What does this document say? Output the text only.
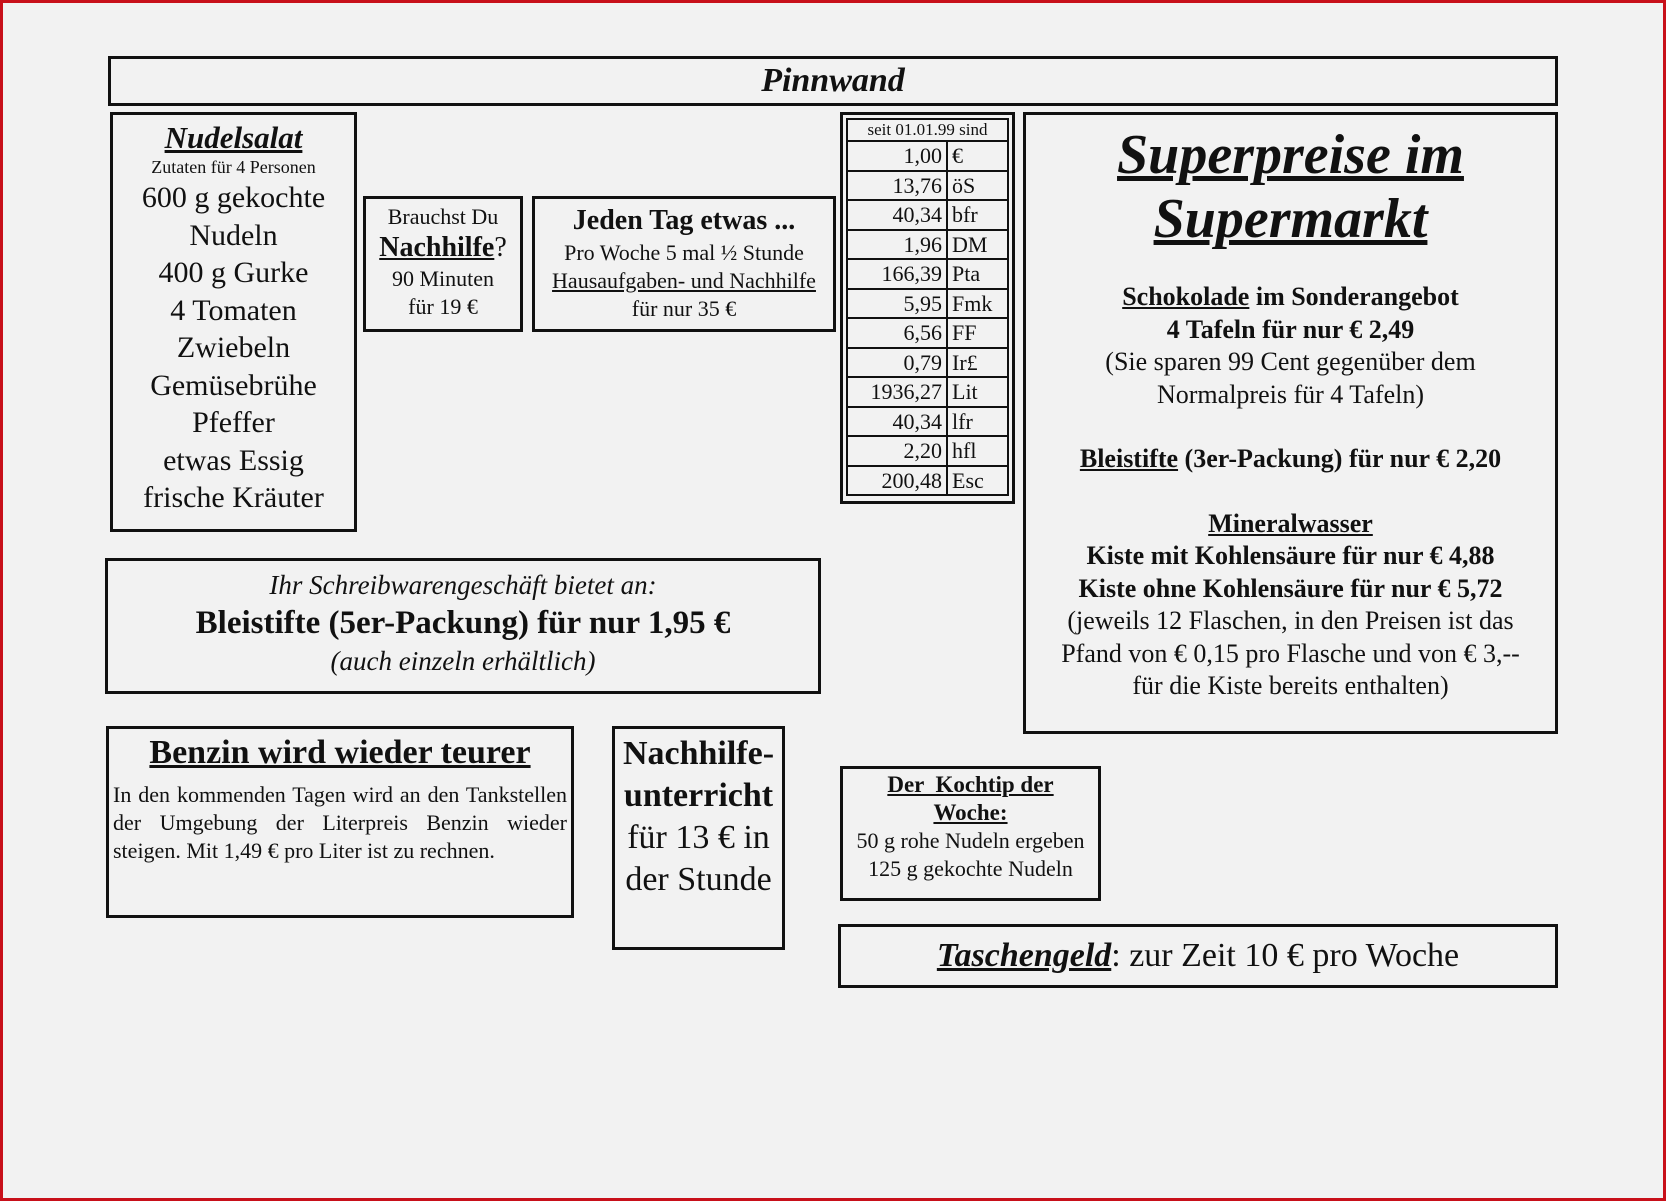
Pinnwand
Nudelsalat
Zutaten für 4 Personen
600 g gekochte
Nudeln
400 g Gurke
4 Tomaten
Zwiebeln
Gemüsebrühe
Pfeffer
etwas Essig
frische Kräuter
Brauchst Du
Nachhilfe?
90 Minuten
für 19 €
Jeden Tag etwas ...
Pro Woche 5 mal ½ Stunde
Hausaufgaben- und Nachhilfe
für nur 35 €
seit 01.01.99 sind	
1,00	€
13,76	öS
40,34	bfr
1,96	DM
166,39	Pta
5,95	Fmk
6,56	FF
0,79	Ir£
1936,27	Lit
40,34	lfr
2,20	hfl
200,48	Esc
Superpreise im
Supermarkt
Schokolade im Sonderangebot
4 Tafeln für nur € 2,49
(Sie sparen 99 Cent gegenüber dem
Normalpreis für 4 Tafeln)
Bleistifte (3er-Packung) für nur € 2,20
Mineralwasser
Kiste mit Kohlensäure für nur € 4,88
Kiste ohne Kohlensäure für nur € 5,72
(jeweils 12 Flaschen, in den Preisen ist das
Pfand von € 0,15 pro Flasche und von € 3,--
für die Kiste bereits enthalten)
Ihr Schreibwarengeschäft bietet an:
Bleistifte (5er-Packung) für nur 1,95 €
(auch einzeln erhältlich)
Benzin wird wieder teurer
In den kommenden Tagen wird an den Tankstellen der Umgebung der Literpreis Benzin wieder steigen. Mit 1,49 € pro Liter ist zu rechnen.
Nachhilfe-
unterricht
für 13 € in
der Stunde
Der  Kochtip der
Woche:
50 g rohe Nudeln ergeben
125 g gekochte Nudeln
Taschengeld : zur Zeit 10 € pro Woche
